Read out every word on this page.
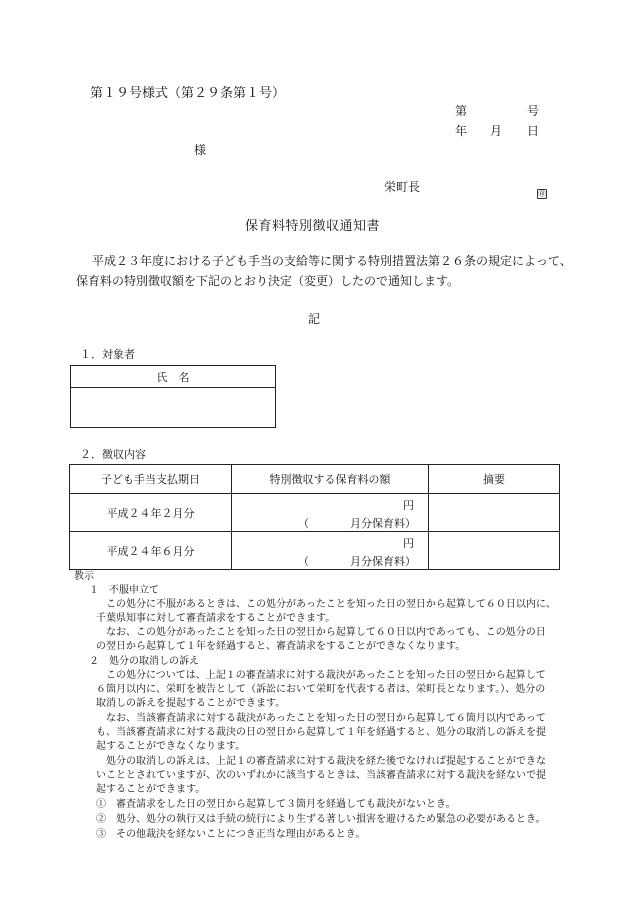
第１９号様式（第２９条第１号）
第	号
年 月 日
様
栄町長	㊞
保育料特別徴収通知書
平成２３年度における子ども手当の支給等に関する特別措置法第２６条の規定によって、
保育料の特別徴収額を下記のとおり決定（変更）したので通知します。
記
１．対象者
氏　名

２．徴収内容
子ども手当支払期日	特別徴収する保育料の額	摘要
平成２４年２月分	円
（ 月分保育料）	

平成２４年６月分	円
（ 月分保育料）	

教示
１　不服申立て
この処分に不服があるときは、この処分があったことを知った日の翌日から起算して６０日以内に、
千葉県知事に対して審査請求をすることができます。
なお、この処分があったことを知った日の翌日から起算して６０日以内であっても、この処分の日
の翌日から起算して１年を経過すると、審査請求をすることができなくなります。
２　処分の取消しの訴え
この処分については、上記１の審査請求に対する裁決があったことを知った日の翌日から起算して
６箇月以内に、栄町を被告として（訴訟において栄町を代表する者は、栄町長となります。）、処分の
取消しの訴えを提起することができます。
なお、当該審査請求に対する裁決があったことを知った日の翌日から起算して６箇月以内であって
も、当該審査請求に対する裁決の日の翌日から起算して１年を経過すると、処分の取消しの訴えを提
起することができなくなります。
処分の取消しの訴えは、上記１の審査請求に対する裁決を経た後でなければ提起することができな
いこととされていますが、次のいずれかに該当するときは、当該審査請求に対する裁決を経ないで提
起することができます。
①　審査請求をした日の翌日から起算して３箇月を経過しても裁決がないとき。
②　処分、処分の執行又は手続の続行により生ずる著しい損害を避けるため緊急の必要があるとき。
③　その他裁決を経ないことにつき正当な理由があるとき。
